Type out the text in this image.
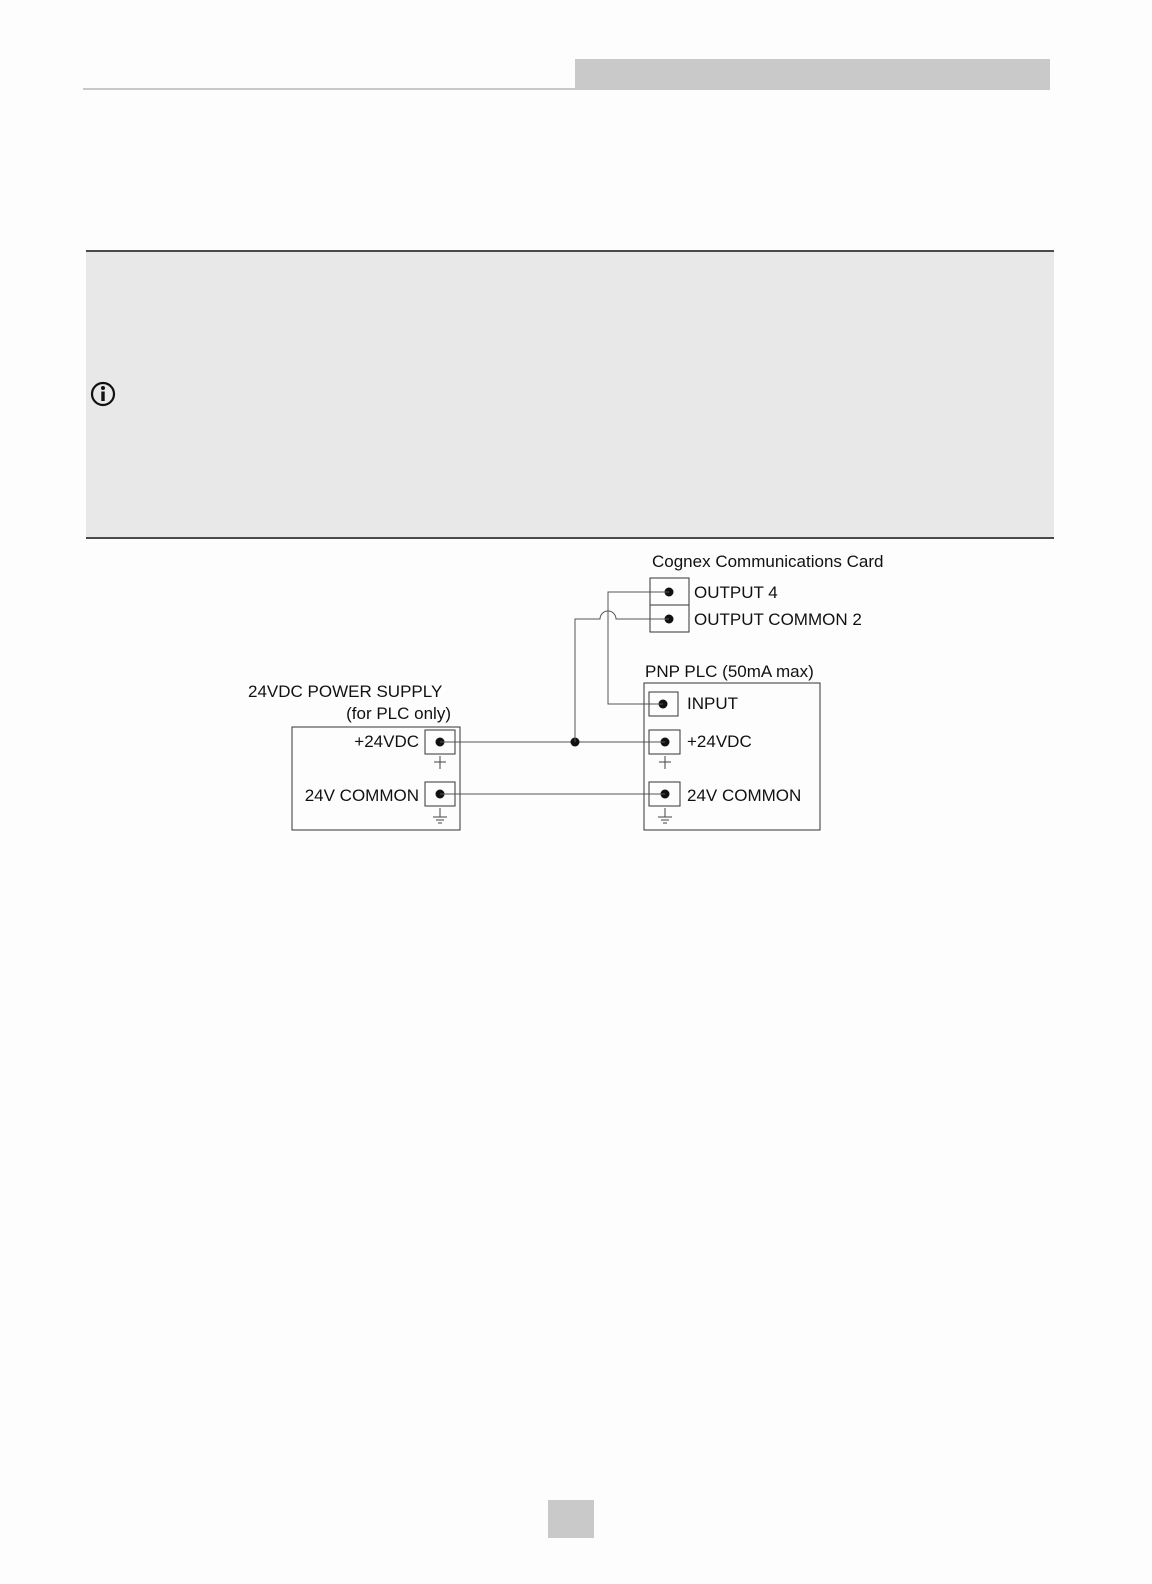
Cognex Communications Card
OUTPUT 4
OUTPUT COMMON 2
PNP PLC (50mA max)
INPUT
+24VDC
24V COMMON
24VDC POWER SUPPLY
(for PLC only)
+24VDC
24V COMMON
